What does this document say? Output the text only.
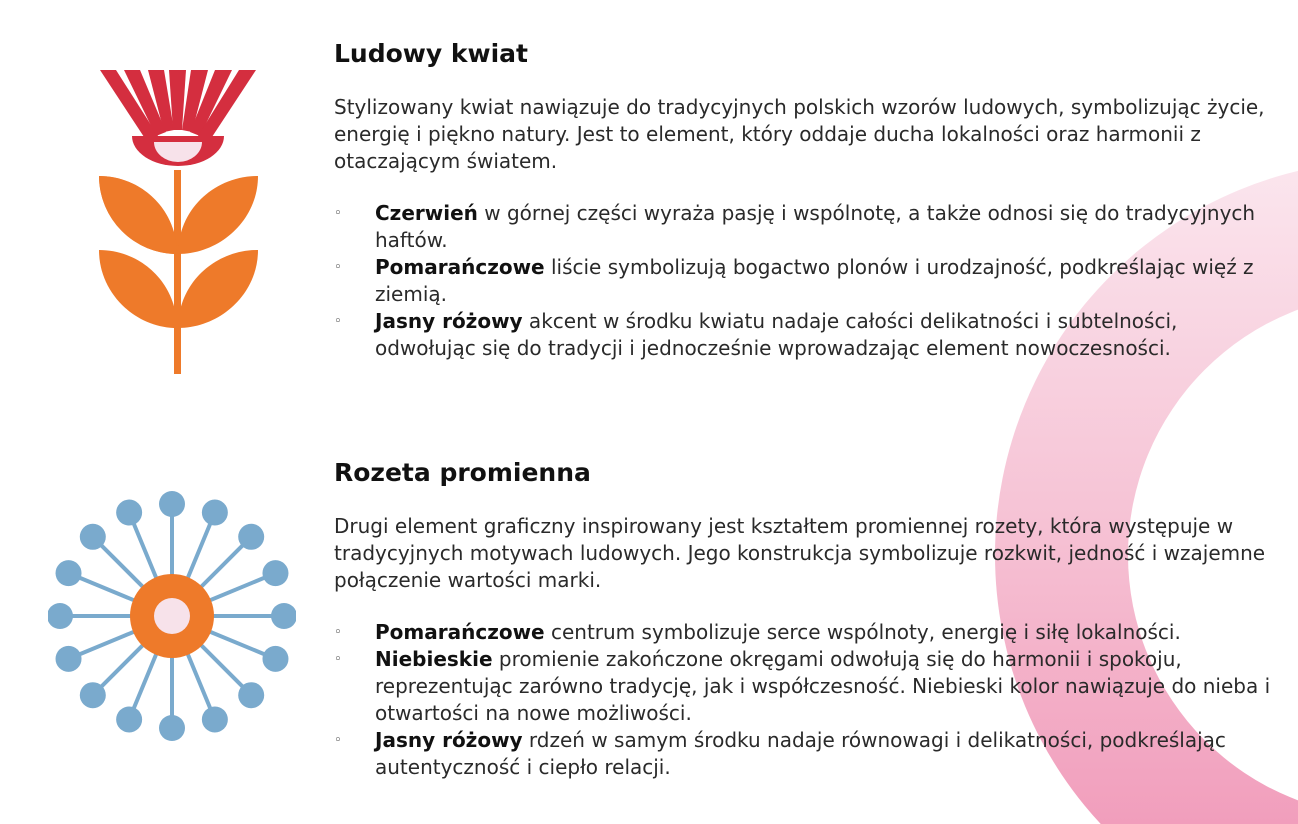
Ludowy kwiat

Stylizowany kwiat nawiązuje do tradycyjnych polskich wzorów ludowych, symbolizując życie, energię i piękno natury. Jest to element, który oddaje ducha lokalności oraz harmonii z otaczającym światem.

◦ Czerwień w górnej części wyraża pasję i wspólnotę, a także odnosi się do tradycyjnych haftów.
◦ Pomarańczowe liście symbolizują bogactwo plonów i urodzajność, podkreślając więź z ziemią.
◦ Jasny różowy akcent w środku kwiatu nadaje całości delikatności i subtelności, odwołując się do tradycji i jednocześnie wprowadzając element nowoczesności.
Rozeta promienna

Drugi element graficzny inspirowany jest kształtem promiennej rozety, która występuje w tradycyjnych motywach ludowych. Jego konstrukcja symbolizuje rozkwit, jedność i wzajemne połączenie wartości marki.

◦ Pomarańczowe centrum symbolizuje serce wspólnoty, energię i siłę lokalności.
◦ Niebieskie promienie zakończone okręgami odwołują się do harmonii i spokoju, reprezentując zarówno tradycję, jak i współczesność. Niebieski kolor nawiązuje do nieba i otwartości na nowe możliwości.
◦ Jasny różowy rdzeń w samym środku nadaje równowagi i delikatności, podkreślając autentyczność i ciepło relacji.
